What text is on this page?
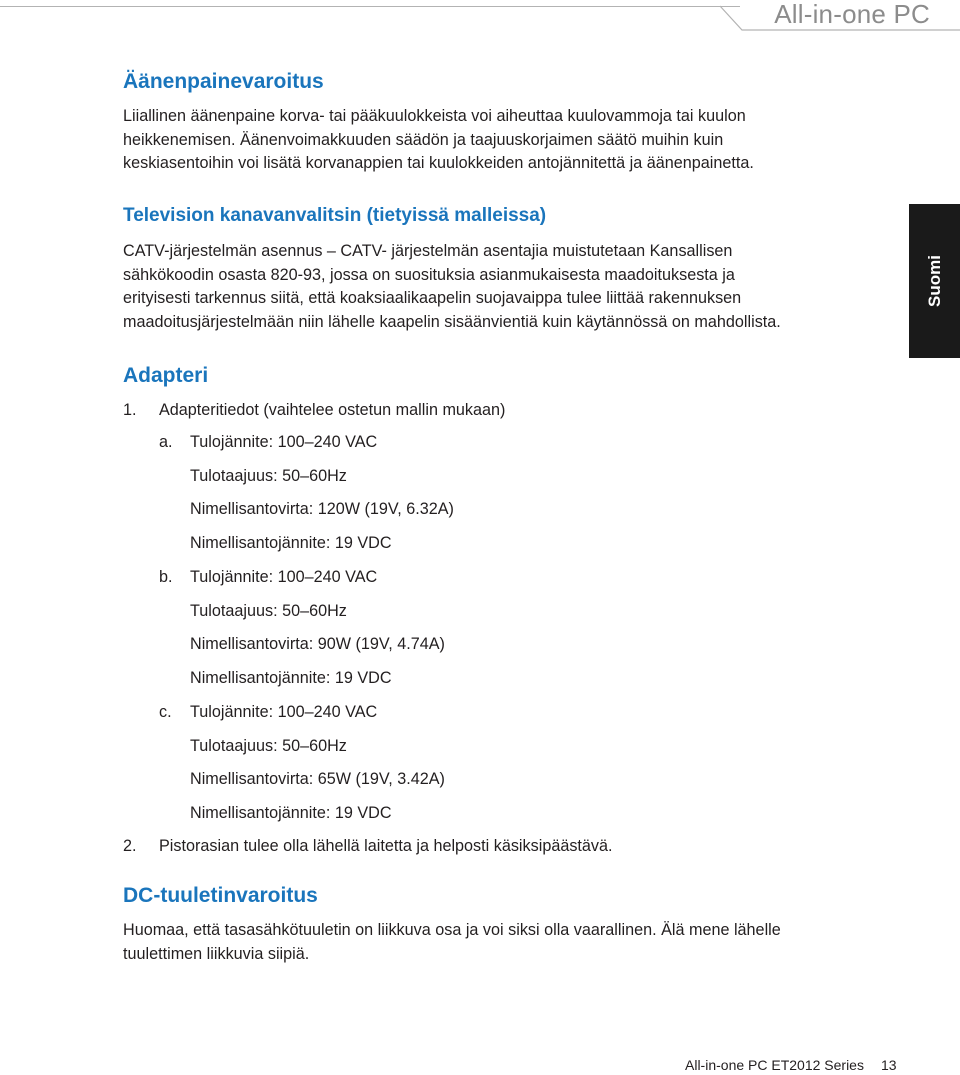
All-in-one PC
Suomi
Äänenpainevaroitus
Liiallinen äänenpaine korva- tai pääkuulokkeista voi aiheuttaa kuulovammoja tai kuulon
heikkenemisen. Äänenvoimakkuuden säädön ja taajuuskorjaimen säätö muihin kuin
keskiasentoihin voi lisätä korvanappien tai kuulokkeiden antojännitettä ja äänenpainetta.
Television kanavanvalitsin (tietyissä malleissa)
CATV-järjestelmän asennus – CATV- järjestelmän asentajia muistutetaan Kansallisen
sähkökoodin osasta 820-93, jossa on suosituksia asianmukaisesta maadoituksesta ja
erityisesti tarkennus siitä, että koaksiaalikaapelin suojavaippa tulee liittää rakennuksen
maadoitusjärjestelmään niin lähelle kaapelin sisäänvientiä kuin käytännössä on mahdollista.
Adapteri
1. Adapteritiedot (vaihtelee ostetun mallin mukaan)
a. Tulojännite: 100–240 VAC
Tulotaajuus: 50–60Hz
Nimellisantovirta: 120W (19V, 6.32A)
Nimellisantojännite: 19 VDC
b. Tulojännite: 100–240 VAC
Tulotaajuus: 50–60Hz
Nimellisantovirta: 90W (19V, 4.74A)
Nimellisantojännite: 19 VDC
c. Tulojännite: 100–240 VAC
Tulotaajuus: 50–60Hz
Nimellisantovirta: 65W (19V, 3.42A)
Nimellisantojännite: 19 VDC
2. Pistorasian tulee olla lähellä laitetta ja helposti käsiksipäästävä.
DC-tuuletinvaroitus
Huomaa, että tasasähkötuuletin on liikkuva osa ja voi siksi olla vaarallinen. Älä mene lähelle
tuulettimen liikkuvia siipiä.
All-in-one PC ET2012 Series 13
